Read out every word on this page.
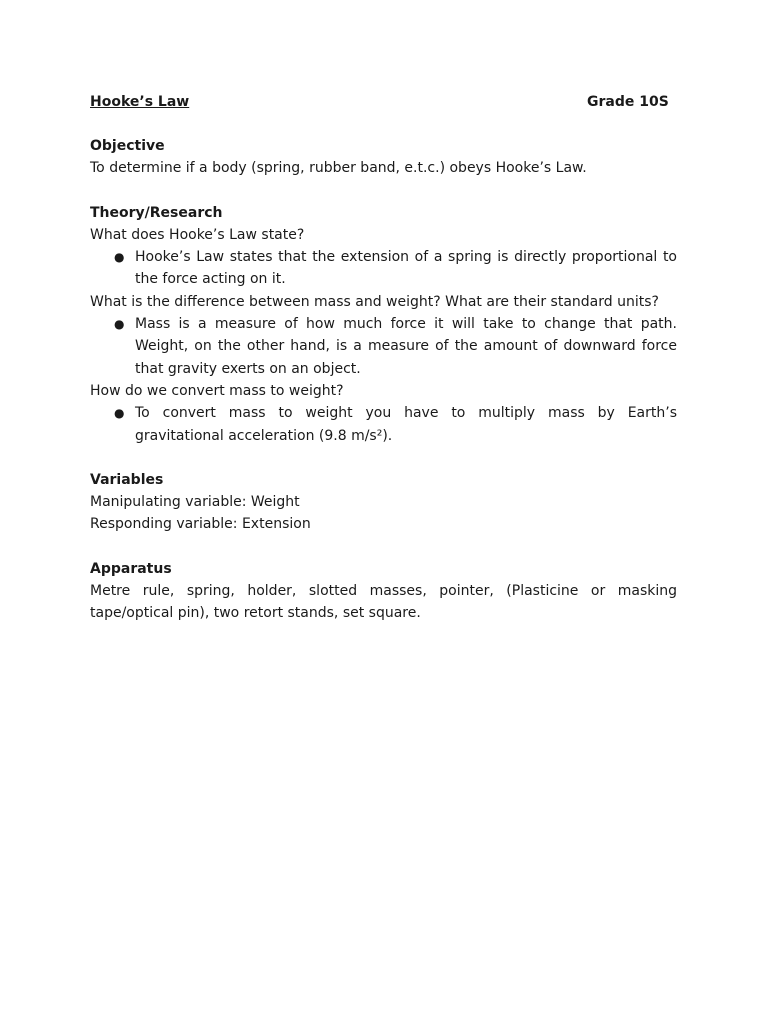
Hooke’s Law	Grade 10S

Objective

To determine if a body (spring, rubber band, e.t.c.) obeys Hooke’s Law.

Theory/Research

What does Hooke’s Law state?

● Hooke’s Law states that the extension of a spring is directly proportional to the force acting on it.

What is the difference between mass and weight? What are their standard units?

● Mass is a measure of how much force it will take to change that path. Weight, on the other hand, is a measure of the amount of downward force that gravity exerts on an object.

How do we convert mass to weight?

● To convert mass to weight you have to multiply mass by Earth’s gravitational acceleration (9.8 m/s²).

Variables

Manipulating variable: Weight

Responding variable: Extension

Apparatus

Metre rule, spring, holder, slotted masses, pointer, (Plasticine or masking tape/optical pin), two retort stands, set square.
